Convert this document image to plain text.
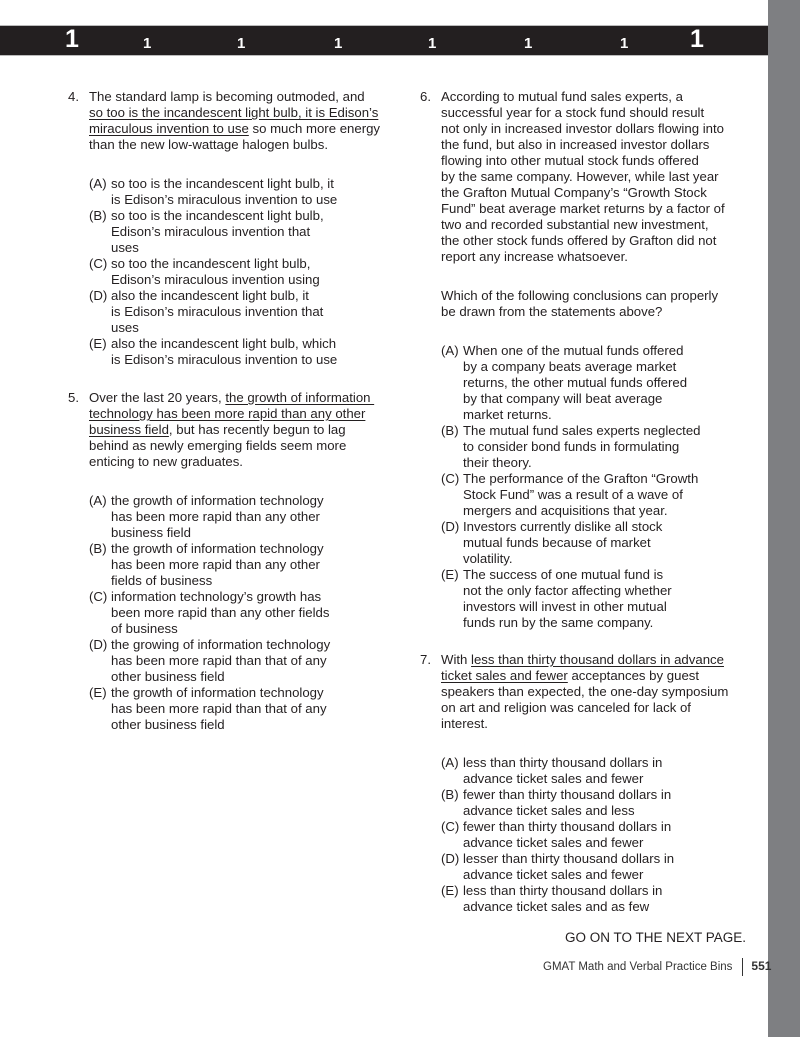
1	1	1	1	1	1	1 1
4. The standard lamp is becoming outmoded, and
so too is the incandescent light bulb, it is Edison’s
miraculous invention to use so much more energy
than the new low-wattage halogen bulbs.
(A) so too is the incandescent light bulb, it
is Edison’s miraculous invention to use
(B) so too is the incandescent light bulb,
Edison’s miraculous invention that
uses
(C) so too the incandescent light bulb,
Edison’s miraculous invention using
(D) also the incandescent light bulb, it
is Edison’s miraculous invention that
uses
(E) also the incandescent light bulb, which
is Edison’s miraculous invention to use
5. Over the last 20 years, the growth of information
technology has been more rapid than any other
business field, but has recently begun to lag
behind as newly emerging fields seem more
enticing to new graduates.
(A) the growth of information technology
has been more rapid than any other
business field
(B) the growth of information technology
has been more rapid than any other
fields of business
(C) information technology’s growth has
been more rapid than any other fields
of business
(D) the growing of information technology
has been more rapid than that of any
other business field
(E) the growth of information technology
has been more rapid than that of any
other business field
6. According to mutual fund sales experts, a
successful year for a stock fund should result
not only in increased investor dollars flowing into
the fund, but also in increased investor dollars
flowing into other mutual stock funds offered
by the same company. However, while last year
the Grafton Mutual Company’s “Growth Stock
Fund” beat average market returns by a factor of
two and recorded substantial new investment,
the other stock funds offered by Grafton did not
report any increase whatsoever.
Which of the following conclusions can properly
be drawn from the statements above?
(A) When one of the mutual funds offered
by a company beats average market
returns, the other mutual funds offered
by that company will beat average
market returns.
(B) The mutual fund sales experts neglected
to consider bond funds in formulating
their theory.
(C) The performance of the Grafton “Growth
Stock Fund” was a result of a wave of
mergers and acquisitions that year.
(D) Investors currently dislike all stock
mutual funds because of market
volatility.
(E) The success of one mutual fund is
not the only factor affecting whether
investors will invest in other mutual
funds run by the same company.
7. With less than thirty thousand dollars in advance
ticket sales and fewer acceptances by guest
speakers than expected, the one-day symposium
on art and religion was canceled for lack of
interest.
(A) less than thirty thousand dollars in
advance ticket sales and fewer
(B) fewer than thirty thousand dollars in
advance ticket sales and less
(C) fewer than thirty thousand dollars in
advance ticket sales and fewer
(D) lesser than thirty thousand dollars in
advance ticket sales and fewer
(E) less than thirty thousand dollars in
advance ticket sales and as few
GO ON TO THE NEXT PAGE.
GMAT Math and Verbal Practice Bins 551
